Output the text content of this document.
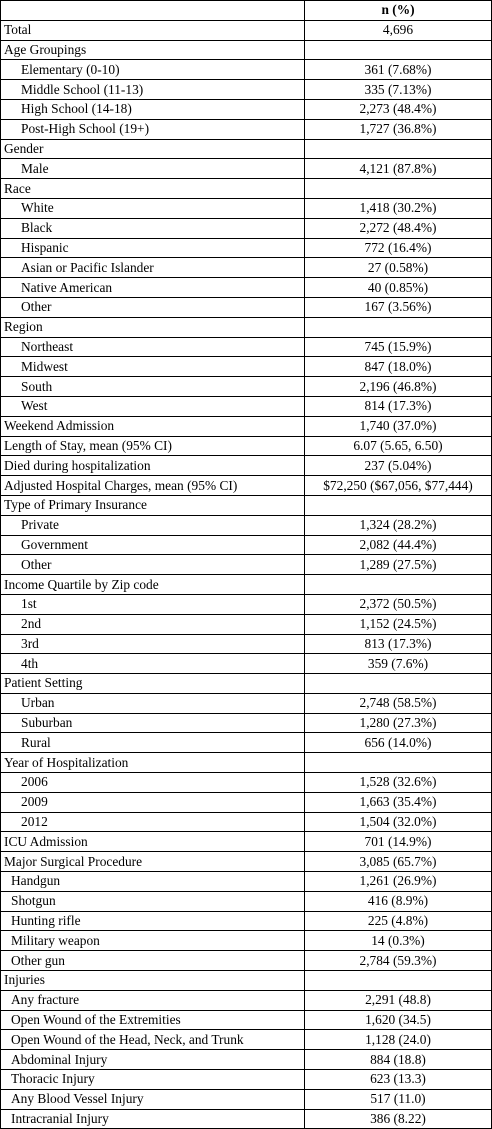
	n (%)
Total	4,696
Age Groupings	
Elementary (0-10)	361 (7.68%)
Middle School (11-13)	335 (7.13%)
High School (14-18)	2,273 (48.4%)
Post-High School (19+)	1,727 (36.8%)
Gender	
Male	4,121 (87.8%)
Race	
White	1,418 (30.2%)
Black	2,272 (48.4%)
Hispanic	772 (16.4%)
Asian or Pacific Islander	27 (0.58%)
Native American	40 (0.85%)
Other	167 (3.56%)
Region	
Northeast	745 (15.9%)
Midwest	847 (18.0%)
South	2,196 (46.8%)
West	814 (17.3%)
Weekend Admission	1,740 (37.0%)
Length of Stay, mean (95% CI)	6.07 (5.65, 6.50)
Died during hospitalization	237 (5.04%)
Adjusted Hospital Charges, mean (95% CI)	$72,250 ($67,056, $77,444)
Type of Primary Insurance	
Private	1,324 (28.2%)
Government	2,082 (44.4%)
Other	1,289 (27.5%)
Income Quartile by Zip code	
1st	2,372 (50.5%)
2nd	1,152 (24.5%)
3rd	813 (17.3%)
4th	359 (7.6%)
Patient Setting	
Urban	2,748 (58.5%)
Suburban	1,280 (27.3%)
Rural	656 (14.0%)
Year of Hospitalization	
2006	1,528 (32.6%)
2009	1,663 (35.4%)
2012	1,504 (32.0%)
ICU Admission	701 (14.9%)
Major Surgical Procedure	3,085 (65.7%)
Handgun	1,261 (26.9%)
Shotgun	416 (8.9%)
Hunting rifle	225 (4.8%)
Military weapon	14 (0.3%)
Other gun	2,784 (59.3%)
Injuries	
Any fracture	2,291 (48.8)
Open Wound of the Extremities	1,620 (34.5)
Open Wound of the Head, Neck, and Trunk	1,128 (24.0)
Abdominal Injury	884 (18.8)
Thoracic Injury	623 (13.3)
Any Blood Vessel Injury	517 (11.0)
Intracranial Injury	386 (8.22)
